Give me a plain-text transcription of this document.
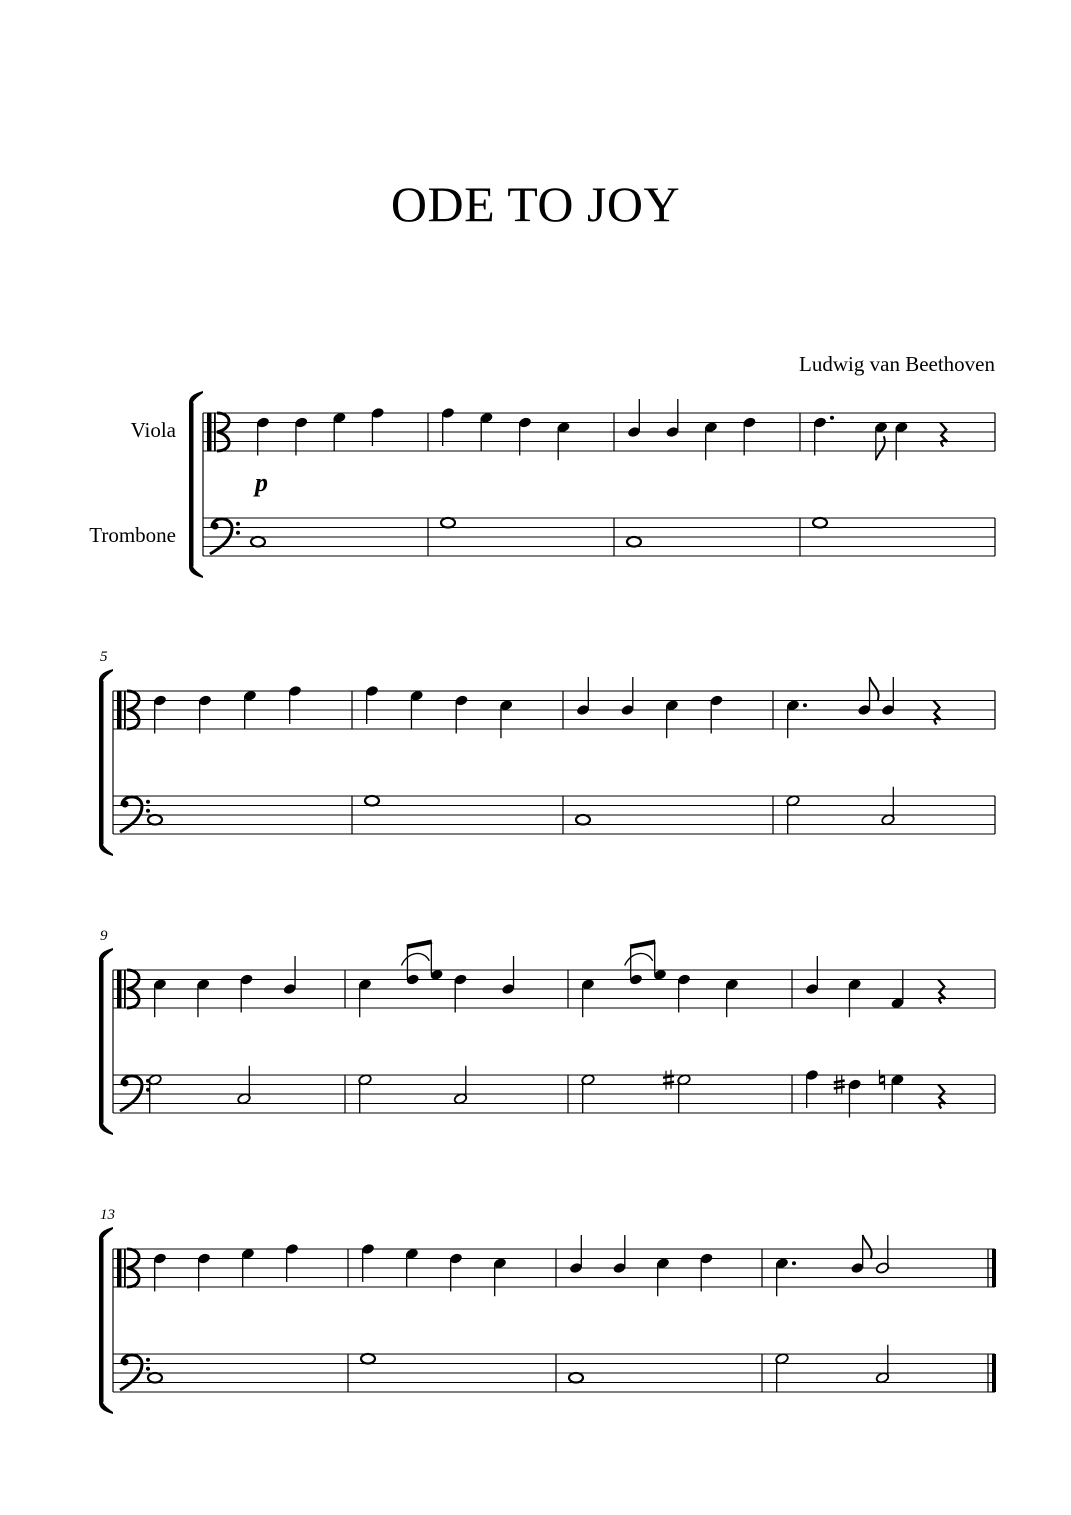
ODE TO JOY
Ludwig van Beethoven
p
Viola
Trombone
5
9
13
